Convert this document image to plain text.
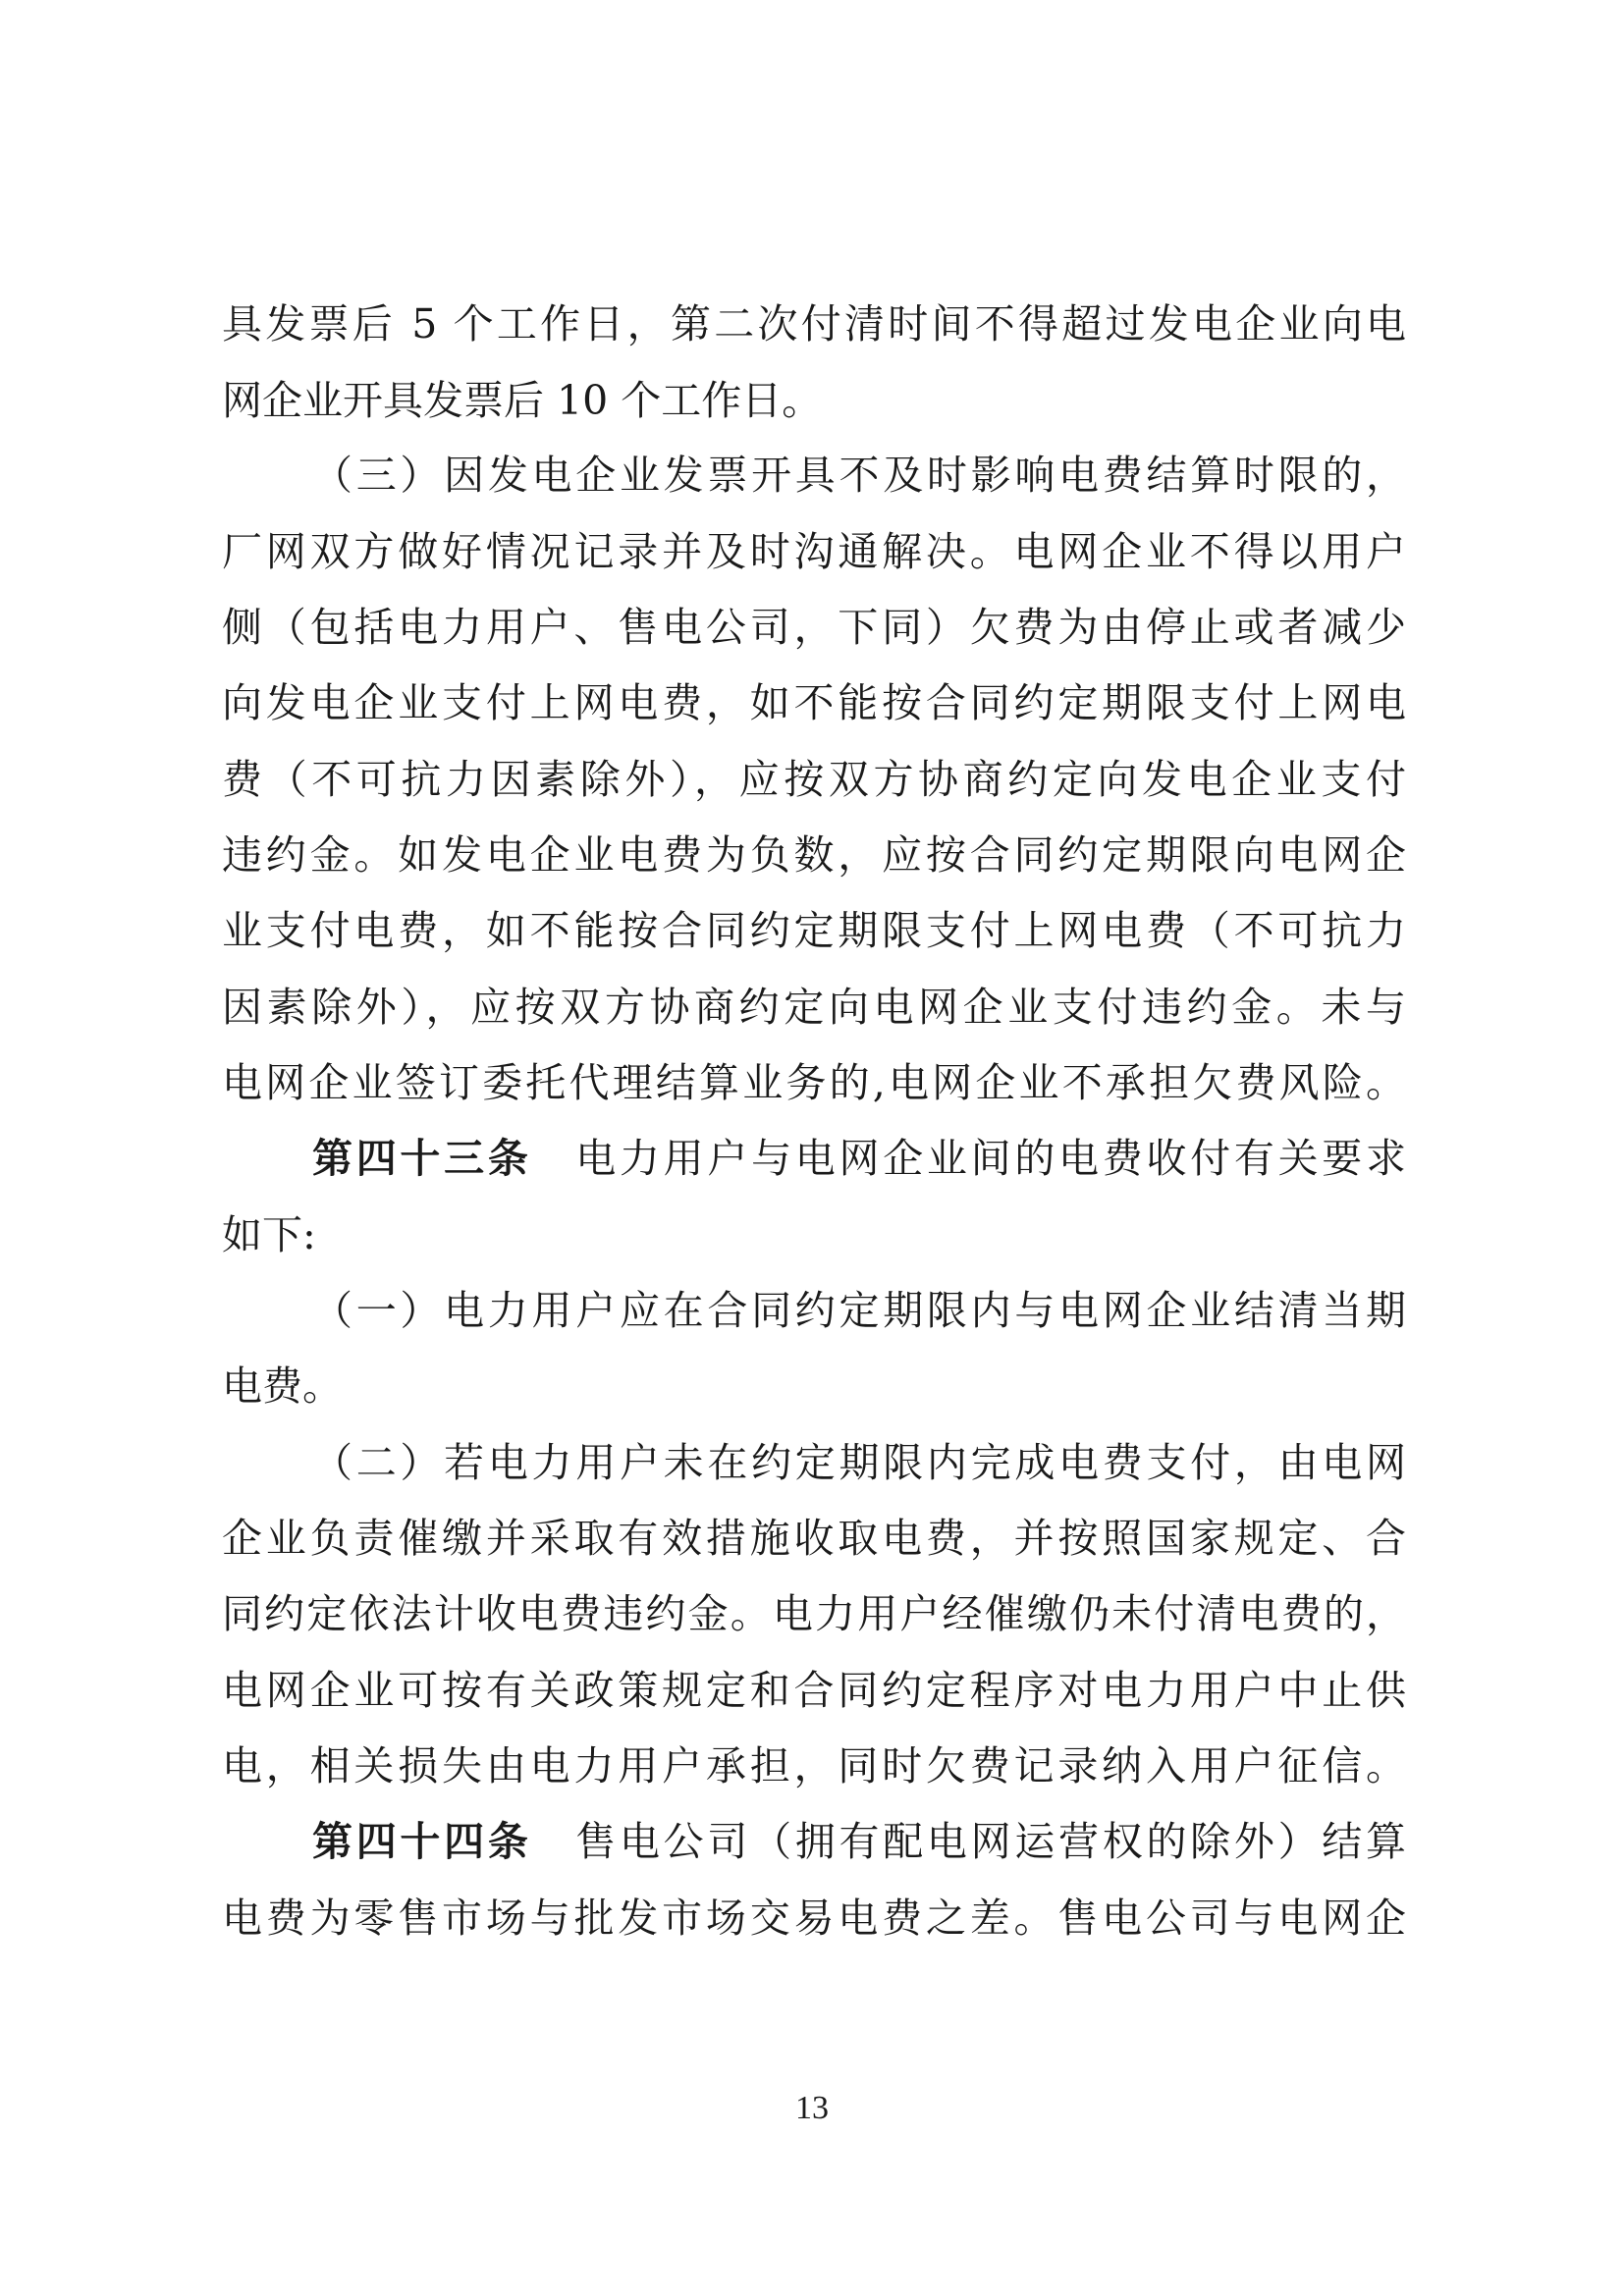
具发票后 5 个工作日，第二次付清时间不得超过发电企业向电
网企业开具发票后 10 个工作日。
（三）因发电企业发票开具不及时影响电费结算时限的，
厂网双方做好情况记录并及时沟通解决。电网企业不得以用户
侧（包括电力用户、售电公司，下同）欠费为由停止或者减少
向发电企业支付上网电费，如不能按合同约定期限支付上网电
费（不可抗力因素除外），应按双方协商约定向发电企业支付
违约金。如发电企业电费为负数，应按合同约定期限向电网企
业支付电费，如不能按合同约定期限支付上网电费（不可抗力
因素除外），应按双方协商约定向电网企业支付违约金。未与
电网企业签订委托代理结算业务的,电网企业不承担欠费风险。
第四十三条　 电力用户与电网企业间的电费收付有关要求
如下:
（一）电力用户应在合同约定期限内与电网企业结清当期
电费。
（二）若电力用户未在约定期限内完成电费支付，由电网
企业负责催缴并采取有效措施收取电费，并按照国家规定、合
同约定依法计收电费违约金。电力用户经催缴仍未付清电费的，
电网企业可按有关政策规定和合同约定程序对电力用户中止供
电，相关损失由电力用户承担，同时欠费记录纳入用户征信。
第四十四条　 售电公司（拥有配电网运营权的除外）结算
电费为零售市场与批发市场交易电费之差。售电公司与电网企
13
